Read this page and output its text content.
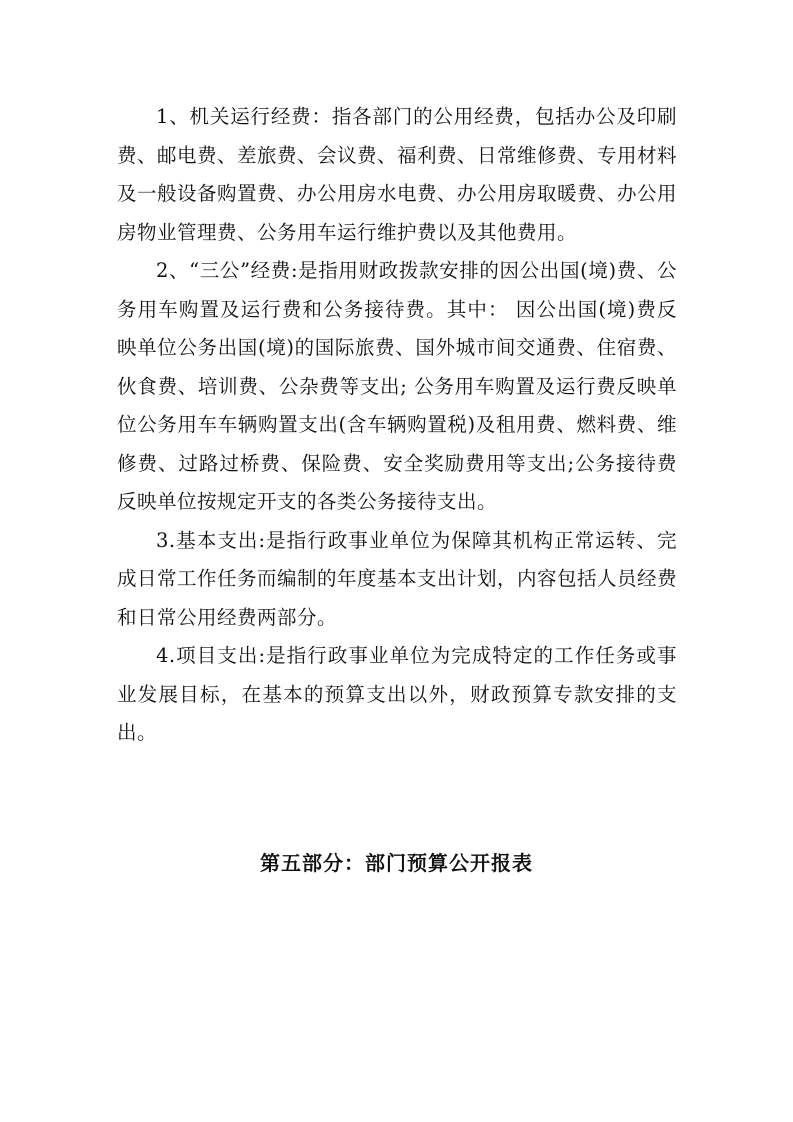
1、机关运行经费：指各部门的公用经费，包括办公及印刷费、邮电费、差旅费、会议费、福利费、日常维修费、专用材料及一般设备购置费、办公用房水电费、办公用房取暖费、办公用房物业管理费、公务用车运行维护费以及其他费用。

2、“三公”经费:是指用财政拨款安排的因公出国(境)费、公务用车购置及运行费和公务接待费。其中： 因公出国(境)费反映单位公务出国(境)的国际旅费、国外城市间交通费、住宿费、伙食费、培训费、公杂费等支出; 公务用车购置及运行费反映单位公务用车车辆购置支出(含车辆购置税)及租用费、燃料费、维修费、过路过桥费、保险费、安全奖励费用等支出;公务接待费反映单位按规定开支的各类公务接待支出。

3.基本支出:是指行政事业单位为保障其机构正常运转、完成日常工作任务而编制的年度基本支出计划，内容包括人员经费和日常公用经费两部分。

4.项目支出:是指行政事业单位为完成特定的工作任务或事业发展目标，在基本的预算支出以外，财政预算专款安排的支出。

第五部分：部门预算公开报表
